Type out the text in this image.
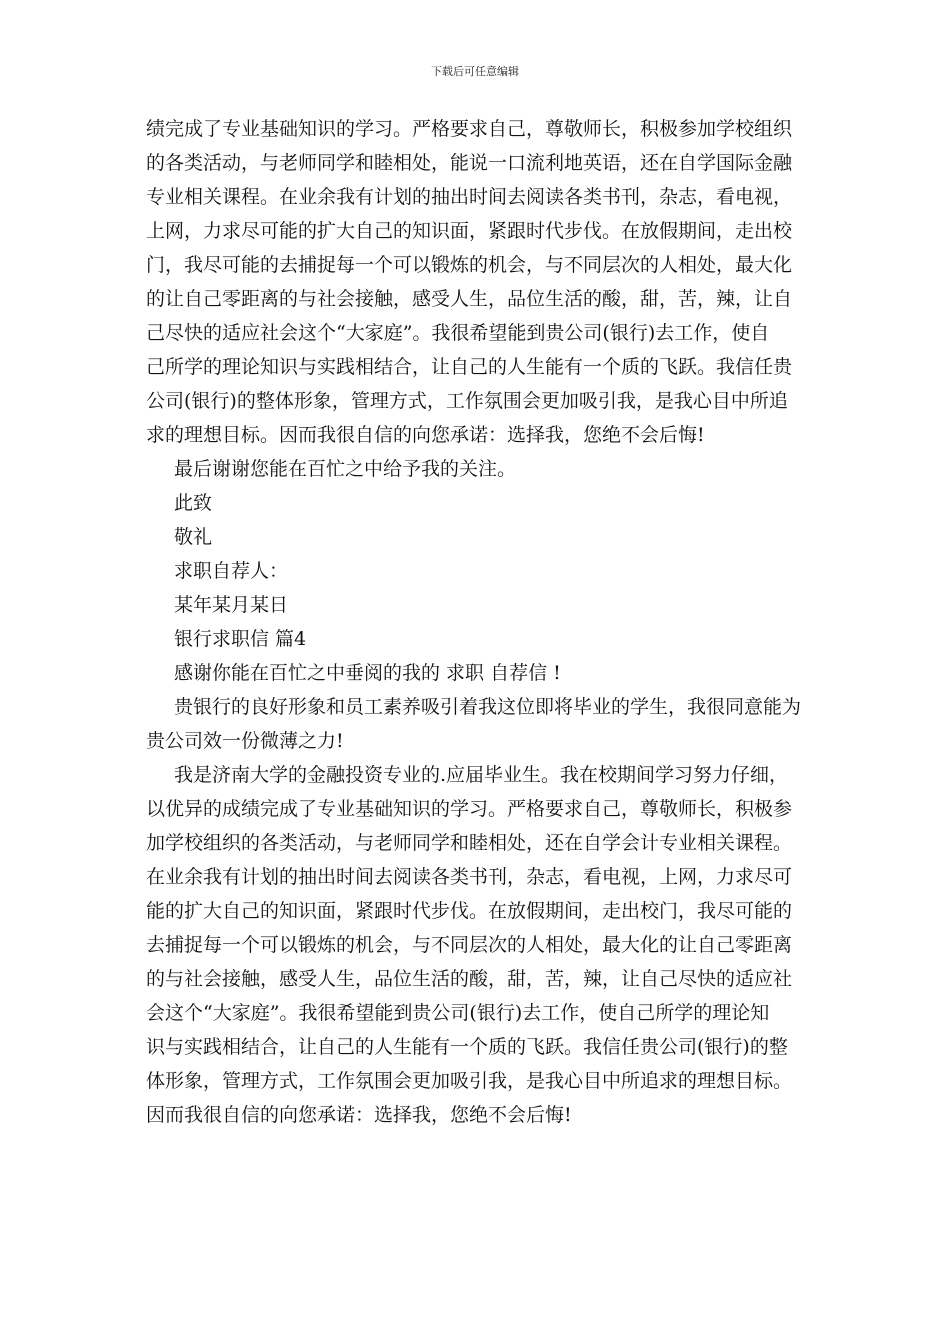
下载后可任意编辑
绩完成了专业基础知识的学习。严格要求自己，尊敬师长，积极参加学校组织
的各类活动，与老师同学和睦相处，能说一口流利地英语，还在自学国际金融
专业相关课程。在业余我有计划的抽出时间去阅读各类书刊，杂志，看电视，
上网，力求尽可能的扩大自己的知识面，紧跟时代步伐。在放假期间，走出校
门，我尽可能的去捕捉每一个可以锻炼的机会，与不同层次的人相处，最大化
的让自己零距离的与社会接触，感受人生，品位生活的酸，甜，苦，辣，让自
己尽快的适应社会这个“大家庭”。我很希望能到贵公司(银行)去工作，使自
己所学的理论知识与实践相结合，让自己的人生能有一个质的飞跃。我信任贵
公司(银行)的整体形象，管理方式，工作氛围会更加吸引我，是我心目中所追
求的理想目标。因而我很自信的向您承诺：选择我，您绝不会后悔!
最后谢谢您能在百忙之中给予我的关注。
此致
敬礼
求职自荐人：
某年某月某日
银行求职信 篇4
感谢你能在百忙之中垂阅的我的 求职 自荐信 !
贵银行的良好形象和员工素养吸引着我这位即将毕业的学生，我很同意能为
贵公司效一份微薄之力!
我是济南大学的金融投资专业的.应届毕业生。我在校期间学习努力仔细，
以优异的成绩完成了专业基础知识的学习。严格要求自己，尊敬师长，积极参
加学校组织的各类活动，与老师同学和睦相处，还在自学会计专业相关课程。
在业余我有计划的抽出时间去阅读各类书刊，杂志，看电视，上网，力求尽可
能的扩大自己的知识面，紧跟时代步伐。在放假期间，走出校门，我尽可能的
去捕捉每一个可以锻炼的机会，与不同层次的人相处，最大化的让自己零距离
的与社会接触，感受人生，品位生活的酸，甜，苦，辣，让自己尽快的适应社
会这个“大家庭”。我很希望能到贵公司(银行)去工作，使自己所学的理论知
识与实践相结合，让自己的人生能有一个质的飞跃。我信任贵公司(银行)的整
体形象，管理方式，工作氛围会更加吸引我，是我心目中所追求的理想目标。
因而我很自信的向您承诺：选择我，您绝不会后悔!
